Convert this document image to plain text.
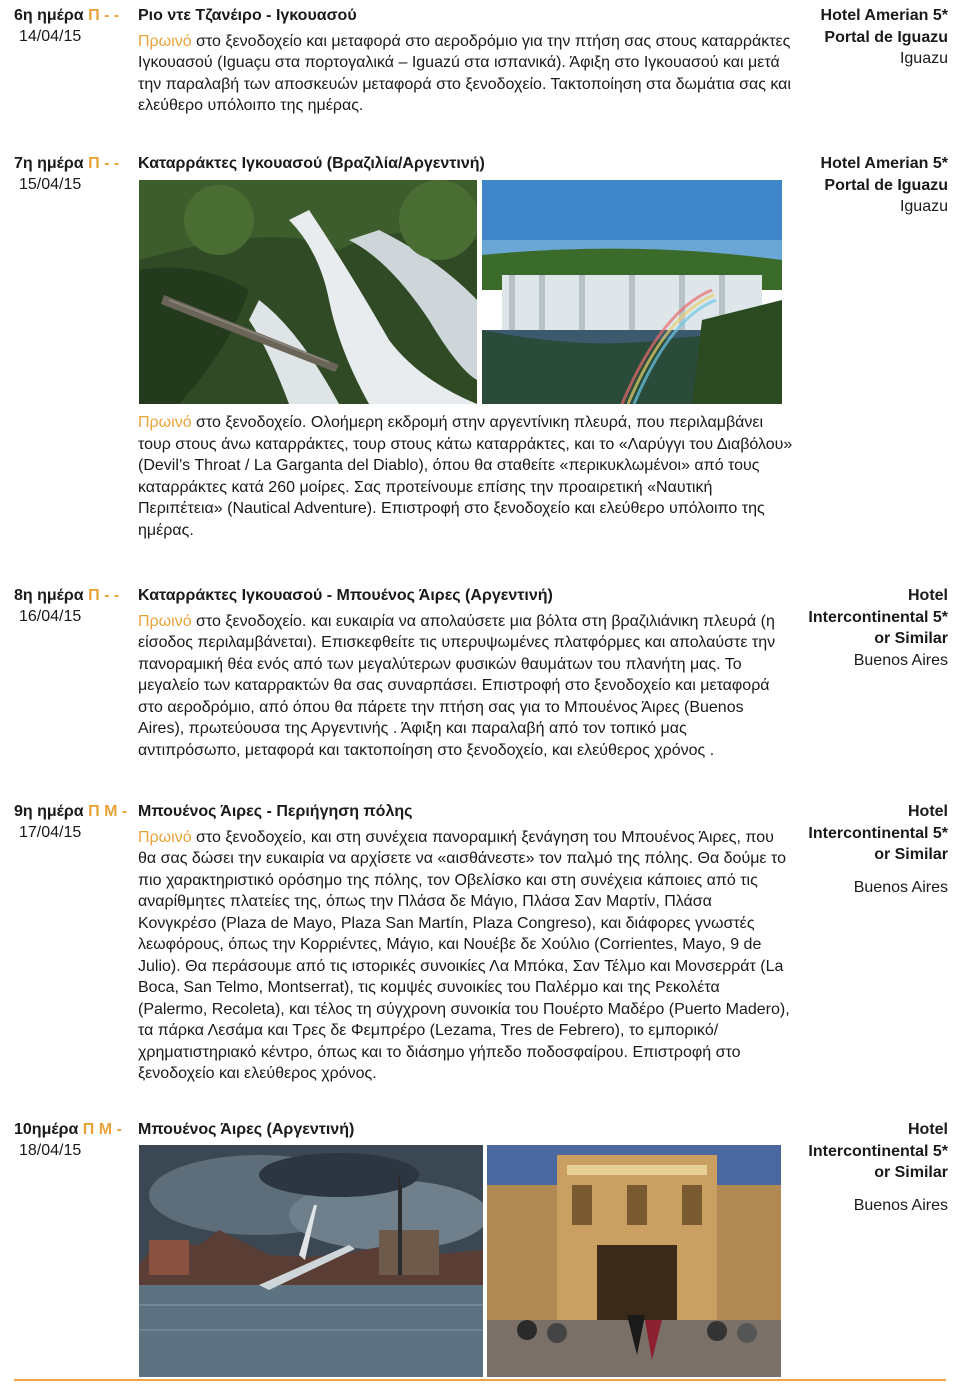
6η ημέρα Π - -
14/04/15

Ριο ντε Τζανέιρο - Ιγκουασού

Πρωινό στο ξενοδοχείο και μεταφορά στο αεροδρόμιο για την πτήση σας στους καταρράκτες Ιγκουασού (Iguaçu στα πορτογαλικά – Iguazú στα ισπανικά). Άφιξη στο Ιγκουασού και μετά την παραλαβή των αποσκευών μεταφορά στο ξενοδοχείο. Τακτοποίηση στα δωμάτια σας και ελεύθερο υπόλοιπο της ημέρας.

Hotel Amerian 5* Portal de Iguazu
Iguazu
7η ημέρα Π - -
15/04/15

Καταρράκτες Ιγκουασού (Βραζιλία/Αργεντινή)	Hotel Amerian 5* Portal de Iguazu
Iguazu

Πρωινό στο ξενοδοχείο. Ολοήμερη εκδρομή στην αργεντίνικη πλευρά, που περιλαμβάνει τουρ στους άνω καταρράκτες, τουρ στους κάτω καταρράκτες, και το «Λαρύγγι του Διαβόλου» (Devil’s Throat / La Garganta del Diablo), όπου θα σταθείτε «περικυκλωμένοι» από τους καταρράκτες κατά 260 μοίρες. Σας προτείνουμε επίσης την προαιρετική «Ναυτική Περιπέτεια» (Nautical Adventure). Επιστροφή στο ξενοδοχείο και ελεύθερο υπόλοιπο της ημέρας.

8η ημέρα Π - -
16/04/15

Καταρράκτες Ιγκουασού - Μπουένος Άιρες (Αργεντινή)

Πρωινό στο ξενοδοχείο. και ευκαιρία να απολαύσετε μια βόλτα στη βραζιλιάνικη πλευρά (η είσοδος περιλαμβάνεται). Επισκεφθείτε τις υπερυψωμένες πλατφόρμες και απολαύστε την πανοραμική θέα ενός από των μεγαλύτερων φυσικών θαυμάτων του πλανήτη μας. Το μεγαλείο των καταρρακτών θα σας συναρπάσει. Επιστροφή στο ξενοδοχείο και μεταφορά στο αεροδρόμιο, από όπου θα πάρετε την πτήση σας για το Μπουένος Άιρες (Buenos Aires), πρωτεύουσα της Αργεντινής . Άφιξη και παραλαβή από τον τοπικό μας αντιπρόσωπο, μεταφορά και τακτοποίηση στο ξενοδοχείο, και ελεύθερος χρόνος .

Hotel Intercontinental 5* or Similar
Buenos Aires
9η ημέρα Π Μ -
17/04/15

Μπουένος Άιρες - Περιήγηση πόλης

Πρωινό στο ξενοδοχείο, και στη συνέχεια πανοραμική ξενάγηση του Μπουένος Άιρες, που θα σας δώσει την ευκαιρία να αρχίσετε να «αισθάνεστε» τον παλμό της πόλης. Θα δούμε το πιο χαρακτηριστικό ορόσημο της πόλης, τον Οβελίσκο και στη συνέχεια κάποιες από τις αναρίθμητες πλατείες της, όπως την Πλάσα δε Μάγιο, Πλάσα Σαν Μαρτίν, Πλάσα Κονγκρέσο (Plaza de Mayo, Plaza San Martín, Plaza Congreso), και διάφορες γνωστές λεωφόρους, όπως την Κορριέντες, Μάγιο, και Νουέβε δε Χούλιο (Corrientes, Mayo, 9 de Julio). Θα περάσουμε από τις ιστορικές συνοικίες Λα Μπόκα, Σαν Τέλμο και Μονσερράτ (La Boca, San Telmo, Montserrat), τις κομψές συνοικίες του Παλέρμο και της Ρεκολέτα (Palermo, Recoleta), και τέλος τη σύγχρονη συνοικία του Πουέρτο Μαδέρο (Puerto Madero), τα πάρκα Λεσάμα και Τρες δε Φεμπρέρο (Lezama, Tres de Febrero), το εμπορικό/χρηματιστηριακό κέντρο, όπως και το διάσημο γήπεδο ποδοσφαίρου. Επιστροφή στο ξενοδοχείο και ελεύθερος χρόνος.

Hotel Intercontinental 5* or Similar
Buenos Aires
10ημέρα Π Μ -
18/04/15

Μπουένος Άιρες (Αργεντινή)	Hotel Intercontinental 5* or Similar
Buenos Aires
